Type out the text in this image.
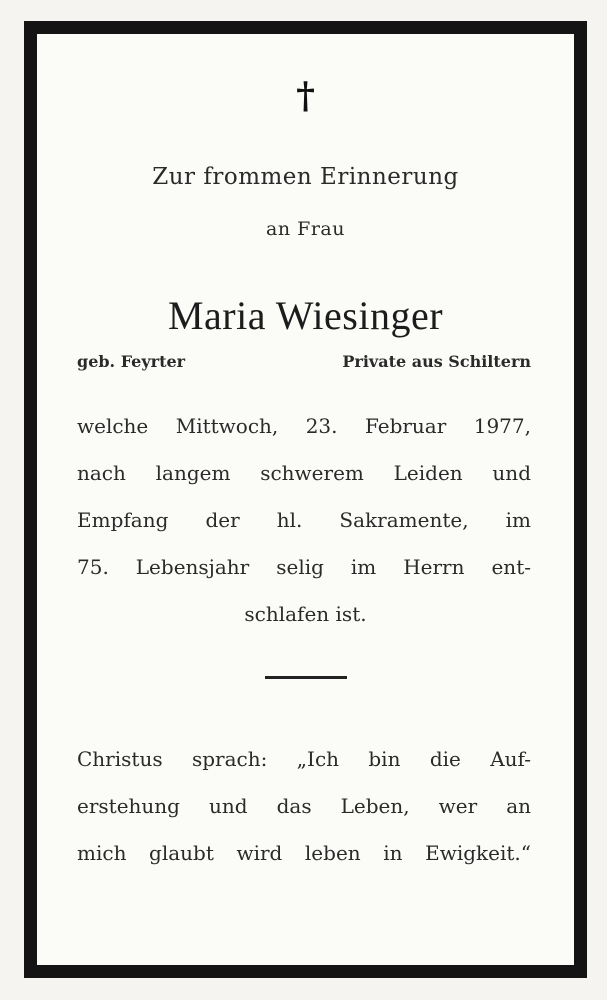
†
Zur frommen Erinnerung
an Frau
Maria Wiesinger
geb. Feyrter	Private aus Schiltern
welche Mittwoch, 23. Februar 1977,
nach langem schwerem Leiden und
Empfang der hl. Sakramente, im
75. Lebensjahr selig im Herrn ent-
schlafen ist.
Christus sprach: „Ich bin die Auf-
erstehung und das Leben, wer an
mich glaubt wird leben in Ewigkeit.“
